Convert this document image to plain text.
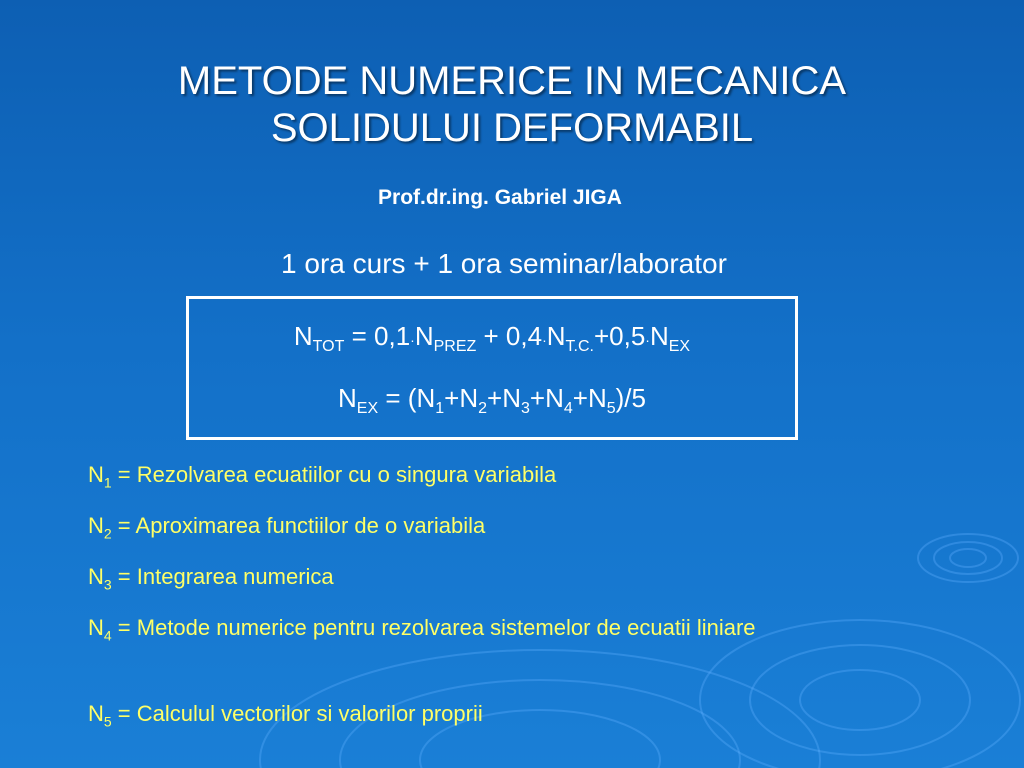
METODE NUMERICE IN MECANICA
SOLIDULUI DEFORMABIL
Prof.dr.ing. Gabriel JIGA
1 ora curs + 1 ora seminar/laborator
$N_{TOT} = 0,1\cdot N_{PREZ} + 0,4\cdot N_{T.C.}+0,5\cdot N_{EX}$
$N_{EX} = (N_1+N_2+N_3+N_4+N_5)/5$
$N_1$ = Rezolvarea ecuatiilor cu o singura variabila
$N_2$ = Aproximarea functiilor de o variabila
$N_3$ = Integrarea numerica
$N_4$ = Metode numerice pentru rezolvarea sistemelor de ecuatii liniare
$N_5$ = Calculul vectorilor si valorilor proprii
